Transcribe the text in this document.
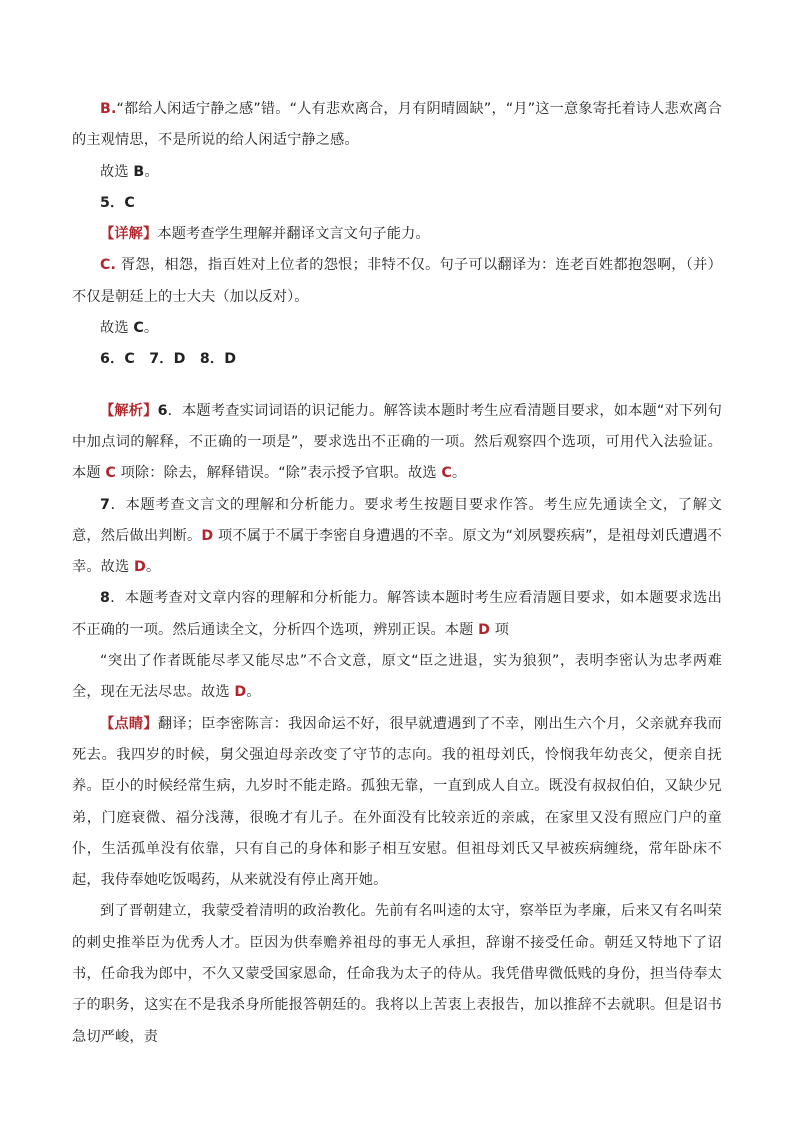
B.“都给人闲适宁静之感”错。“人有悲欢离合，月有阴晴圆缺”，“月”这一意象寄托着诗人悲欢离合的主观情思，不是所说的给人闲适宁静之感。

故选 B。

5．C

【详解】本题考查学生理解并翻译文言文句子能力。

C. 胥怨，相怨，指百姓对上位者的怨恨；非特不仅。句子可以翻译为：连老百姓都抱怨啊，（并）不仅是朝廷上的士大夫（加以反对）。

故选 C。

6．C　7．D　8．D

【解析】6．本题考查实词词语的识记能力。解答读本题时考生应看清题目要求，如本题“对下列句中加点词的解释，不正确的一项是”，要求选出不正确的一项。然后观察四个选项，可用代入法验证。本题 C 项除：除去，解释错误。“除”表示授予官职。故选 C。

7．本题考查文言文的理解和分析能力。要求考生按题目要求作答。考生应先通读全文，了解文意，然后做出判断。D 项不属于不属于李密自身遭遇的不幸。原文为“刘夙婴疾病”，是祖母刘氏遭遇不幸。故选 D。

8．本题考查对文章内容的理解和分析能力。解答读本题时考生应看清题目要求，如本题要求选出不正确的一项。然后通读全文，分析四个选项，辨别正误。本题 D 项

“突出了作者既能尽孝又能尽忠”不合文意，原文“臣之进退，实为狼狈”，表明李密认为忠孝两难全，现在无法尽忠。故选 D。

【点睛】翻译；臣李密陈言：我因命运不好，很早就遭遇到了不幸，刚出生六个月，父亲就弃我而死去。我四岁的时候，舅父强迫母亲改变了守节的志向。我的祖母刘氏，怜悯我年幼丧父，便亲自抚养。臣小的时候经常生病，九岁时不能走路。孤独无靠，一直到成人自立。既没有叔叔伯伯，又缺少兄弟，门庭衰微、福分浅薄，很晚才有儿子。在外面没有比较亲近的亲戚，在家里又没有照应门户的童仆，生活孤单没有依靠，只有自己的身体和影子相互安慰。但祖母刘氏又早被疾病缠绕，常年卧床不起，我侍奉她吃饭喝药，从来就没有停止离开她。

到了晋朝建立，我蒙受着清明的政治教化。先前有名叫逵的太守，察举臣为孝廉，后来又有名叫荣的刺史推举臣为优秀人才。臣因为供奉赡养祖母的事无人承担，辞谢不接受任命。朝廷又特地下了诏书，任命我为郎中，不久又蒙受国家恩命，任命我为太子的侍从。我凭借卑微低贱的身份，担当侍奉太子的职务，这实在不是我杀身所能报答朝廷的。我将以上苦衷上表报告，加以推辞不去就职。但是诏书急切严峻，责
